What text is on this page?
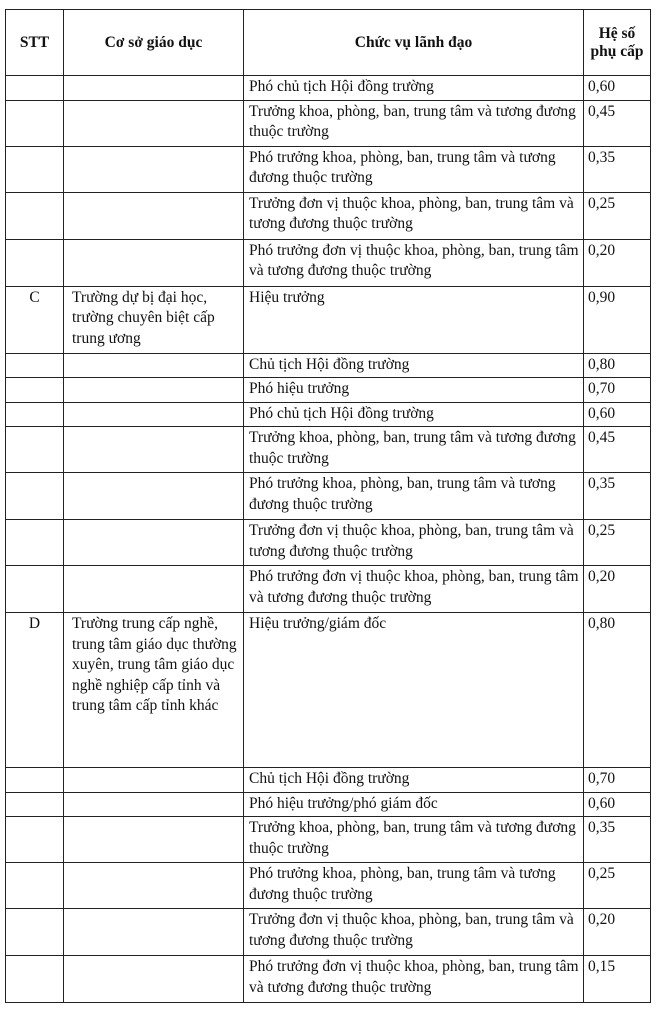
STT	Cơ sở giáo dục	Chức vụ lãnh đạo	Hệ số phụ cấp
		Phó chủ tịch Hội đồng trường	0,60
		Trưởng khoa, phòng, ban, trung tâm và tương đương thuộc trường	0,45
		Phó trưởng khoa, phòng, ban, trung tâm và tương đương thuộc trường	0,35
		Trưởng đơn vị thuộc khoa, phòng, ban, trung tâm và tương đương thuộc trường	0,25
		Phó trưởng đơn vị thuộc khoa, phòng, ban, trung tâm và tương đương thuộc trường	0,20
C	Trường dự bị đại học, trường chuyên biệt cấp trung ương	Hiệu trưởng	0,90
		Chủ tịch Hội đồng trường	0,80
		Phó hiệu trưởng	0,70
		Phó chủ tịch Hội đồng trường	0,60
		Trưởng khoa, phòng, ban, trung tâm và tương đương thuộc trường	0,45
		Phó trưởng khoa, phòng, ban, trung tâm và tương đương thuộc trường	0,35
		Trưởng đơn vị thuộc khoa, phòng, ban, trung tâm và tương đương thuộc trường	0,25
		Phó trưởng đơn vị thuộc khoa, phòng, ban, trung tâm và tương đương thuộc trường	0,20
D	Trường trung cấp nghề, trung tâm giáo dục thường xuyên, trung tâm giáo dục nghề nghiệp cấp tỉnh và trung tâm cấp tỉnh khác	Hiệu trưởng/giám đốc	0,80
		Chủ tịch Hội đồng trường	0,70
		Phó hiệu trưởng/phó giám đốc	0,60
		Trưởng khoa, phòng, ban, trung tâm và tương đương thuộc trường	0,35
		Phó trưởng khoa, phòng, ban, trung tâm và tương đương thuộc trường	0,25
		Trưởng đơn vị thuộc khoa, phòng, ban, trung tâm và tương đương thuộc trường	0,20
		Phó trưởng đơn vị thuộc khoa, phòng, ban, trung tâm và tương đương thuộc trường	0,15
